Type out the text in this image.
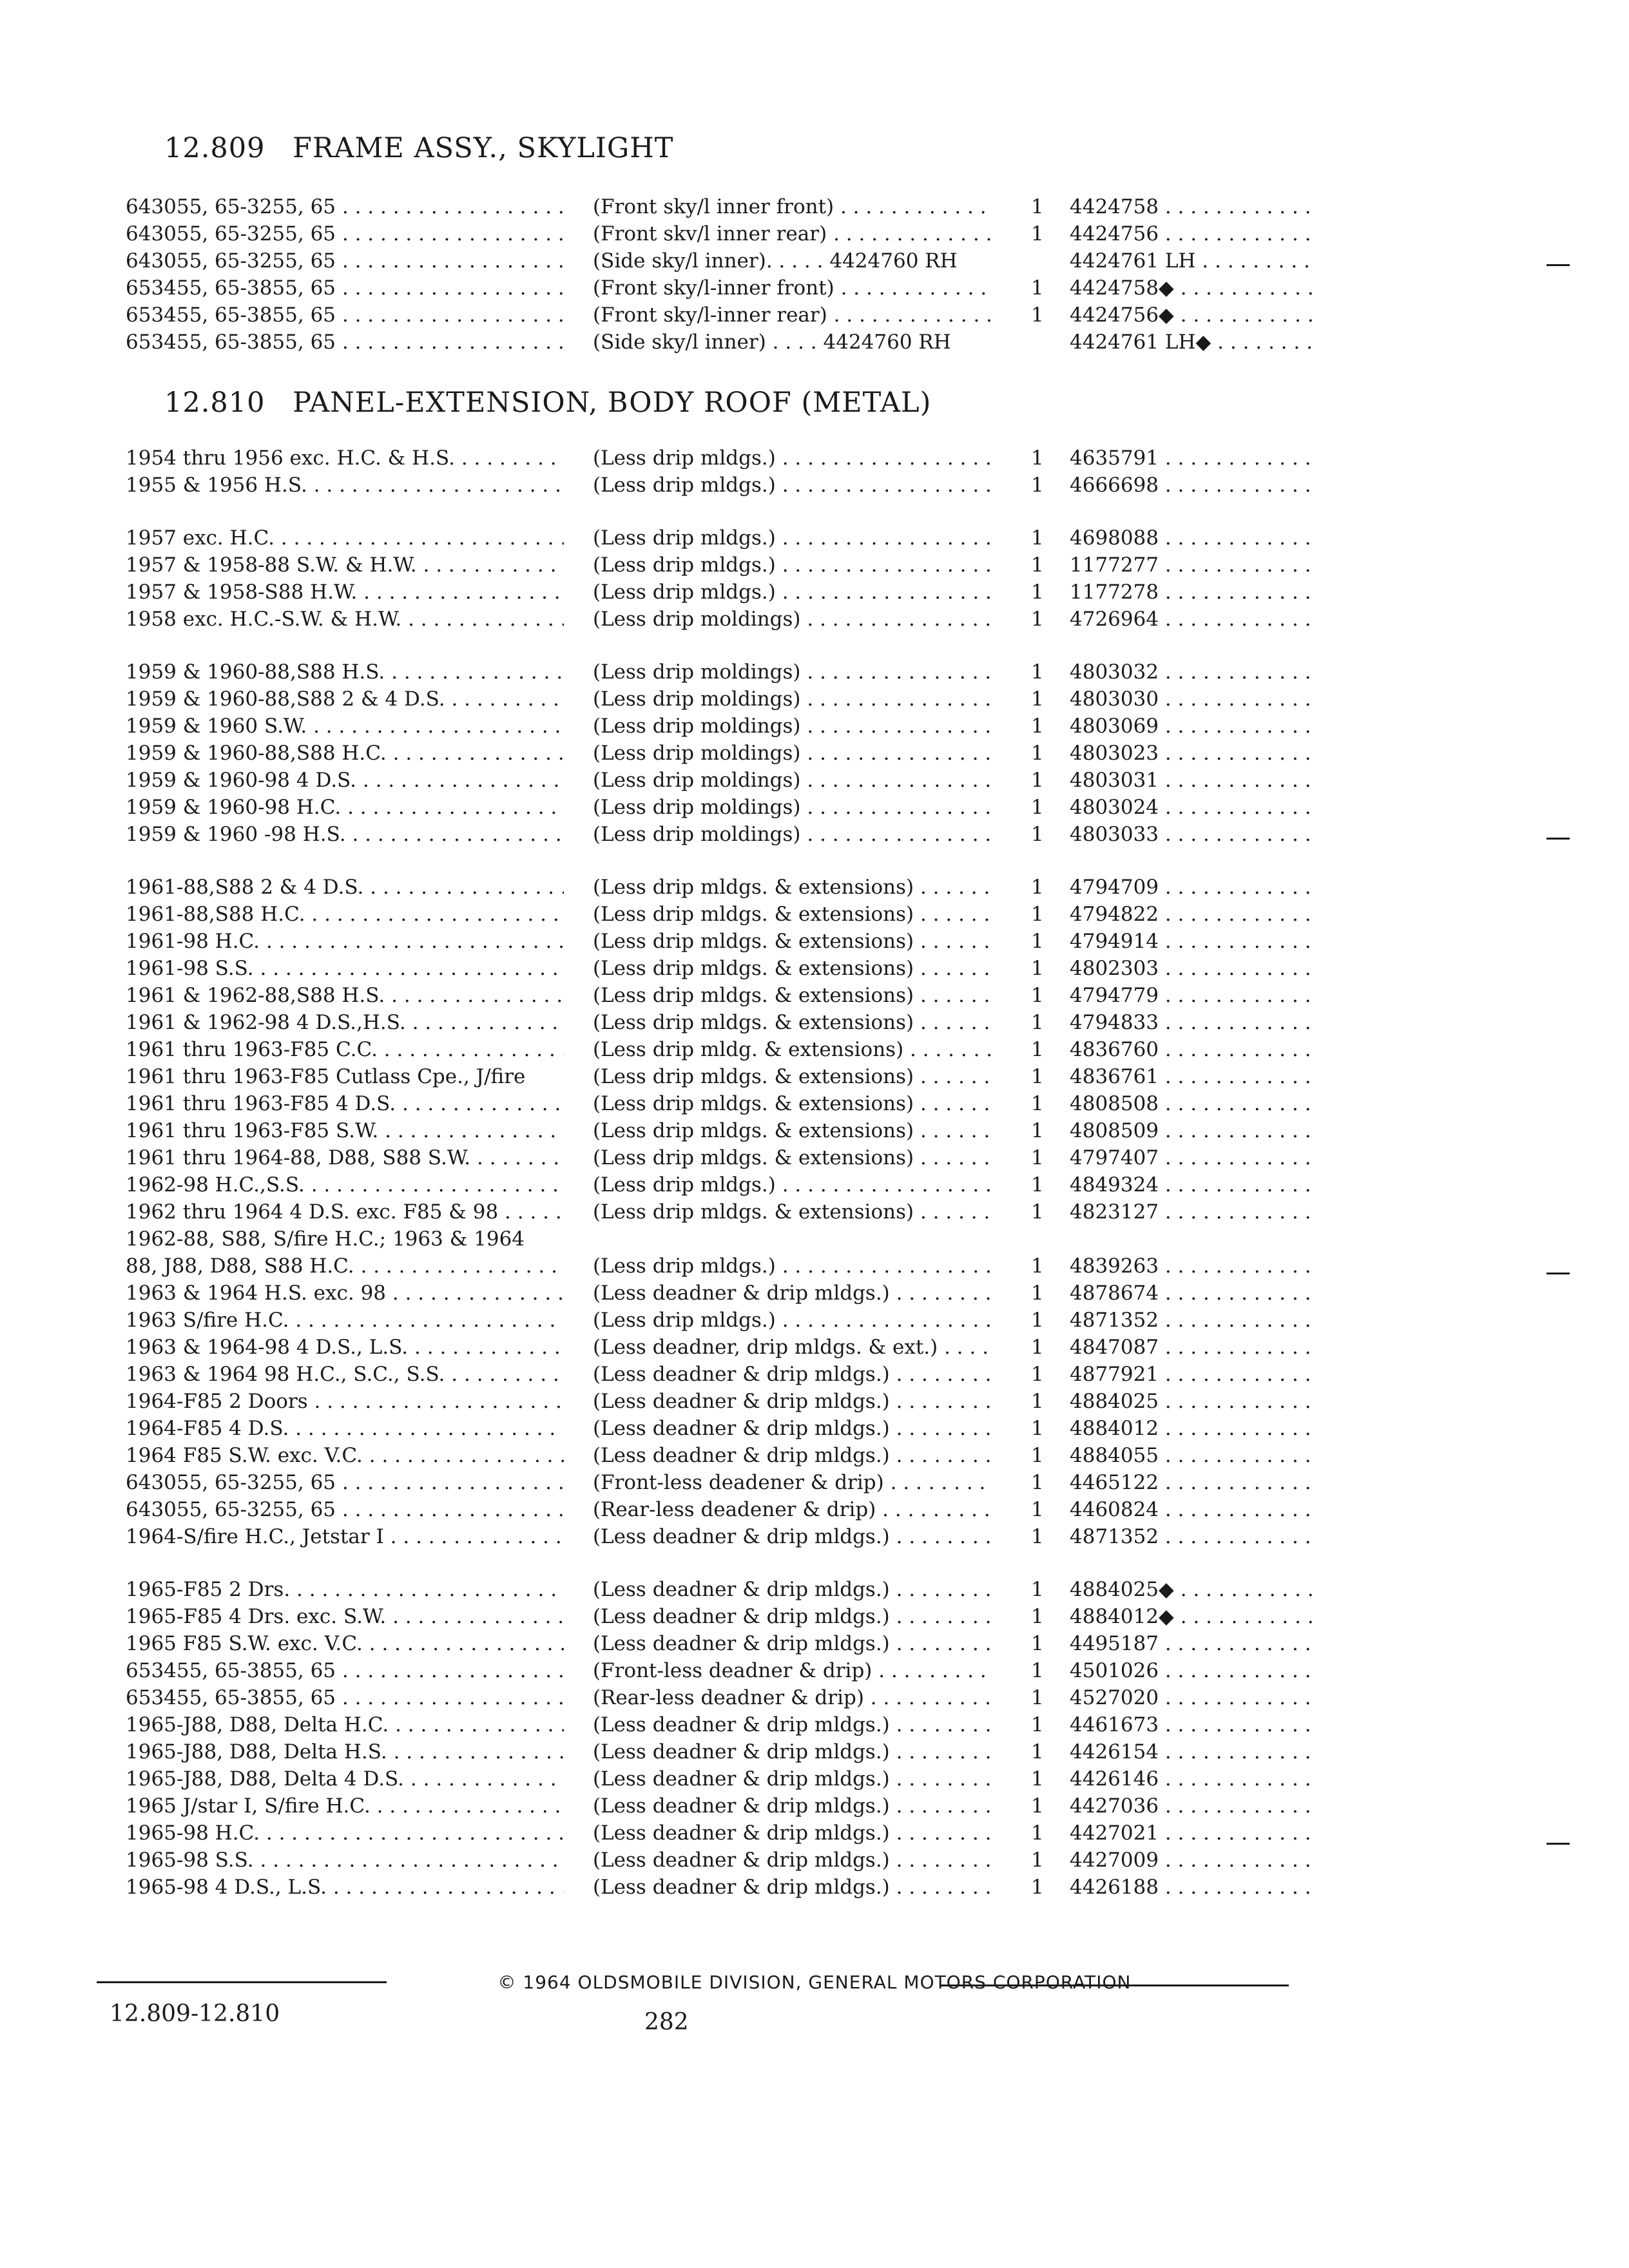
12.809 FRAME ASSY., SKYLIGHT
643055, 65-3255, 65 . . .	(Front sky/l inner front) . . .	1	4424758 . . .
643055, 65-3255, 65 . . .	(Front skv/l inner rear) . . .	1	4424756 . . .
643055, 65-3255, 65 . . .	(Side sky/l inner). . . . . 4424760 RH	4424761 LH . . .
653455, 65-3855, 65 . . .	(Front sky/l-inner front) . . .	1	4424758◆ . . .
653455, 65-3855, 65 . . .	(Front sky/l-inner rear) . . .	1	4424756◆ . . .
653455, 65-3855, 65 . . .	(Side sky/l inner) . . . . 4424760 RH	4424761 LH◆ . . .
12.810 PANEL-EXTENSION, BODY ROOF (METAL)
1954 thru 1956 exc. H.C. & H.S. . . .	(Less drip mldgs.) . . .	1	4635791 . . .
1955 & 1956 H.S. . . .	(Less drip mldgs.) . . .	1	4666698 . . .
1957 exc. H.C. . . .	(Less drip mldgs.) . . .	1	4698088 . . .
1957 & 1958-88 S.W. & H.W. . . .	(Less drip mldgs.) . . .	1	1177277 . . .
1957 & 1958-S88 H.W. . . .	(Less drip mldgs.) . . .	1	1177278 . . .
1958 exc. H.C.-S.W. & H.W. . . .	(Less drip moldings) . . .	1	4726964 . . .
1959 & 1960-88,S88 H.S. . . .	(Less drip moldings) . . .	1	4803032 . . .
1959 & 1960-88,S88 2 & 4 D.S. . . .	(Less drip moldings) . . .	1	4803030 . . .
1959 & 1960 S.W. . . .	(Less drip moldings) . . .	1	4803069 . . .
1959 & 1960-88,S88 H.C. . . .	(Less drip moldings) . . .	1	4803023 . . .
1959 & 1960-98 4 D.S. . . .	(Less drip moldings) . . .	1	4803031 . . .
1959 & 1960-98 H.C. . . .	(Less drip moldings) . . .	1	4803024 . . .
1959 & 1960 -98 H.S. . . .	(Less drip moldings) . . .	1	4803033 . . .
1961-88,S88 2 & 4 D.S. . . .	(Less drip mldgs. & extensions) . . .	1	4794709 . . .
1961-88,S88 H.C. . . .	(Less drip mldgs. & extensions) . . .	1	4794822 . . .
1961-98 H.C. . . .	(Less drip mldgs. & extensions) . . .	1	4794914 . . .
1961-98 S.S. . . .	(Less drip mldgs. & extensions) . . .	1	4802303 . . .
1961 & 1962-88,S88 H.S. . . .	(Less drip mldgs. & extensions) . . .	1	4794779 . . .
1961 & 1962-98 4 D.S.,H.S. . . .	(Less drip mldgs. & extensions) . . .	1	4794833 . . .
1961 thru 1963-F85 C.C. . . .	(Less drip mldg. & extensions) . . .	1	4836760 . . .
1961 thru 1963-F85 Cutlass Cpe., J/fire	(Less drip mldgs. & extensions) . . .	1	4836761 . . .
1961 thru 1963-F85 4 D.S. . . .	(Less drip mldgs. & extensions) . . .	1	4808508 . . .
1961 thru 1963-F85 S.W. . . .	(Less drip mldgs. & extensions) . . .	1	4808509 . . .
1961 thru 1964-88, D88, S88 S.W. . . .	(Less drip mldgs. & extensions) . . .	1	4797407 . . .
1962-98 H.C.,S.S. . . .	(Less drip mldgs.) . . .	1	4849324 . . .
1962 thru 1964 4 D.S. exc. F85 & 98 . . .	(Less drip mldgs. & extensions) . . .	1	4823127 . . .
1962-88, S88, S/fire H.C.; 1963 & 1964
88, J88, D88, S88 H.C. . . .	(Less drip mldgs.) . . .	1	4839263 . . .
1963 & 1964 H.S. exc. 98 . . .	(Less deadner & drip mldgs.) . . .	1	4878674 . . .
1963 S/fire H.C. . . .	(Less drip mldgs.) . . .	1	4871352 . . .
1963 & 1964-98 4 D.S., L.S. . . .	(Less deadner, drip mldgs. & ext.) . . .	1	4847087 . . .
1963 & 1964 98 H.C., S.C., S.S. . . .	(Less deadner & drip mldgs.) . . .	1	4877921 . . .
1964-F85 2 Doors . . .	(Less deadner & drip mldgs.) . . .	1	4884025 . . .
1964-F85 4 D.S. . . .	(Less deadner & drip mldgs.) . . .	1	4884012 . . .
1964 F85 S.W. exc. V.C. . . .	(Less deadner & drip mldgs.) . . .	1	4884055 . . .
643055, 65-3255, 65 . . .	(Front-less deadener & drip) . . .	1	4465122 . . .
643055, 65-3255, 65 . . .	(Rear-less deadener & drip) . . .	1	4460824 . . .
1964-S/fire H.C., Jetstar I . . .	(Less deadner & drip mldgs.) . . .	1	4871352 . . .
1965-F85 2 Drs. . . .	(Less deadner & drip mldgs.) . . .	1	4884025◆ . . .
1965-F85 4 Drs. exc. S.W. . . .	(Less deadner & drip mldgs.) . . .	1	4884012◆ . . .
1965 F85 S.W. exc. V.C. . . .	(Less deadner & drip mldgs.) . . .	1	4495187 . . .
653455, 65-3855, 65 . . .	(Front-less deadner & drip) . . .	1	4501026 . . .
653455, 65-3855, 65 . . .	(Rear-less deadner & drip) . . .	1	4527020 . . .
1965-J88, D88, Delta H.C. . . .	(Less deadner & drip mldgs.) . . .	1	4461673 . . .
1965-J88, D88, Delta H.S. . . .	(Less deadner & drip mldgs.) . . .	1	4426154 . . .
1965-J88, D88, Delta 4 D.S. . . .	(Less deadner & drip mldgs.) . . .	1	4426146 . . .
1965 J/star I, S/fire H.C. . . .	(Less deadner & drip mldgs.) . . .	1	4427036 . . .
1965-98 H.C. . . .	(Less deadner & drip mldgs.) . . .	1	4427021 . . .
1965-98 S.S. . . .	(Less deadner & drip mldgs.) . . .	1	4427009 . . .
1965-98 4 D.S., L.S. . . .	(Less deadner & drip mldgs.) . . .	1	4426188 . . .
© 1964 OLDSMOBILE DIVISION, GENERAL MOTORS CORPORATION
12.809-12.810	282
